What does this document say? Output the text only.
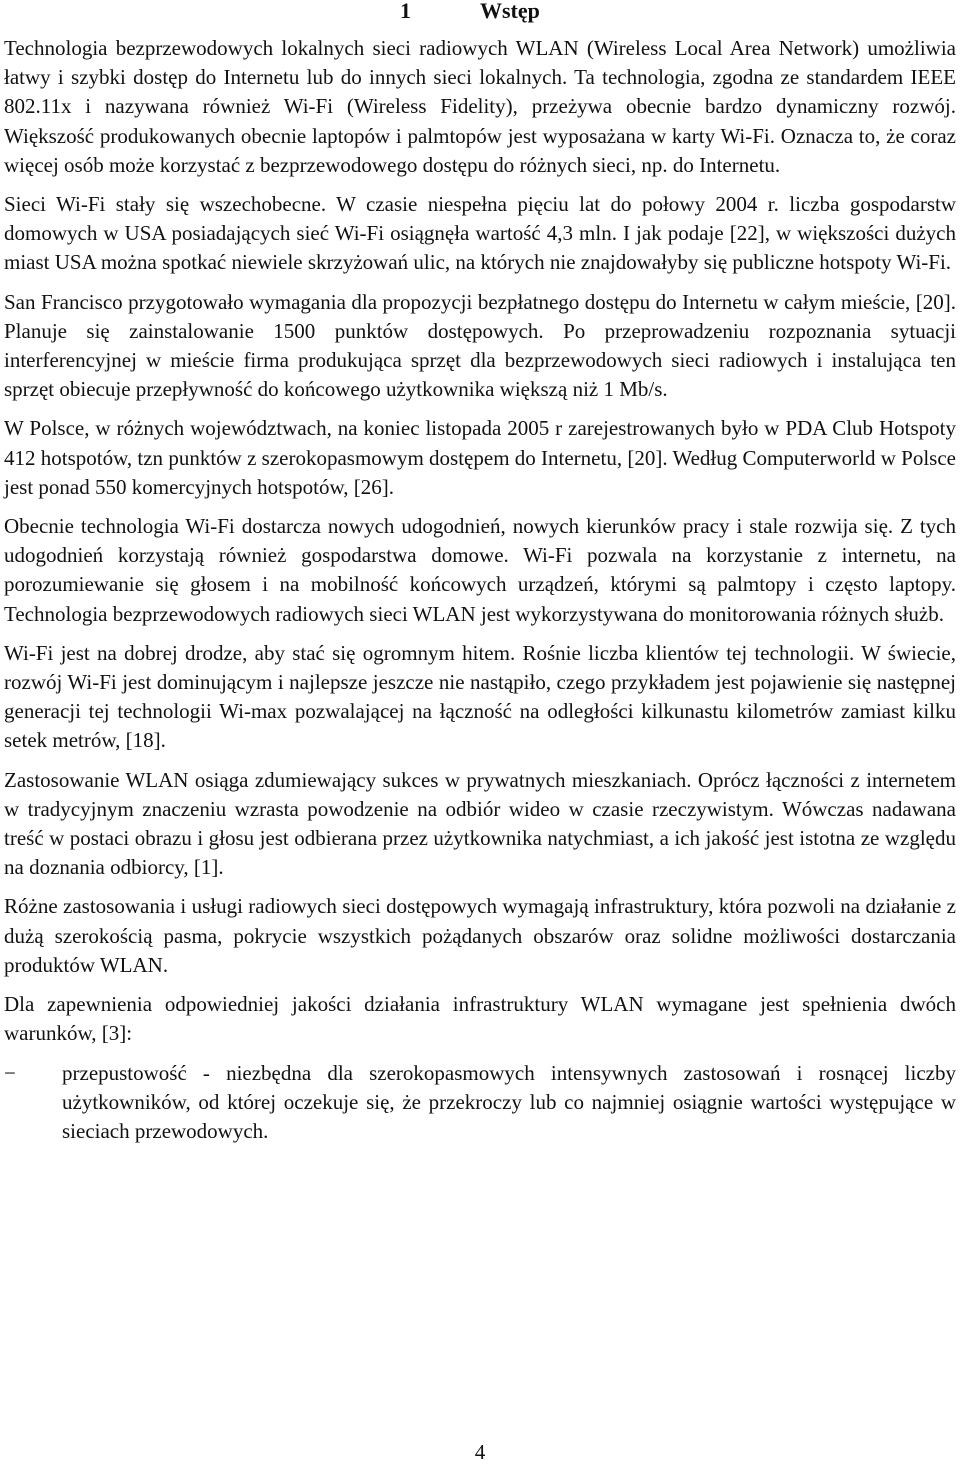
1	Wstęp

Technologia bezprzewodowych lokalnych sieci radiowych WLAN (Wireless Local Area Network) umożliwia łatwy i szybki dostęp do Internetu lub do innych sieci lokalnych. Ta technologia, zgodna ze standardem IEEE 802.11x i nazywana również Wi-Fi (Wireless Fidelity), przeżywa obecnie bardzo dynamiczny rozwój. Większość produkowanych obecnie laptopów i palmtopów jest wyposażana w karty Wi-Fi. Oznacza to, że coraz więcej osób może korzystać z bezprzewodowego dostępu do różnych sieci, np. do Internetu.

Sieci Wi-Fi stały się wszechobecne. W czasie niespełna pięciu lat do połowy 2004 r. liczba gospodarstw domowych w USA posiadających sieć Wi-Fi osiągnęła wartość 4,3 mln. I jak podaje [22], w większości dużych miast USA można spotkać niewiele skrzyżowań ulic, na których nie znajdowałyby się publiczne hotspoty Wi-Fi.

San Francisco przygotowało wymagania dla propozycji bezpłatnego dostępu do Internetu w całym mieście, [20]. Planuje się zainstalowanie 1500 punktów dostępowych. Po przeprowadzeniu rozpoznania sytuacji interferencyjnej w mieście firma produkująca sprzęt dla bezprzewodowych sieci radiowych i instalująca ten sprzęt obiecuje przepływność do końcowego użytkownika większą niż 1 Mb/s.

W Polsce, w różnych województwach, na koniec listopada 2005 r zarejestrowanych było w PDA Club Hotspoty 412 hotspotów, tzn punktów z szerokopasmowym dostępem do Internetu, [20]. Według Computerworld w Polsce jest ponad 550 komercyjnych hotspotów, [26].

Obecnie technologia Wi-Fi dostarcza nowych udogodnień, nowych kierunków pracy i stale rozwija się. Z tych udogodnień korzystają również gospodarstwa domowe. Wi-Fi pozwala na korzystanie z internetu, na porozumiewanie się głosem i na mobilność końcowych urządzeń, którymi są palmtopy i często laptopy. Technologia bezprzewodowych radiowych sieci WLAN jest wykorzystywana do monitorowania różnych służb.

Wi-Fi jest na dobrej drodze, aby stać się ogromnym hitem. Rośnie liczba klientów tej technologii. W świecie, rozwój Wi-Fi jest dominującym i najlepsze jeszcze nie nastąpiło, czego przykładem jest pojawienie się następnej generacji tej technologii Wi-max pozwalającej na łączność na odległości kilkunastu kilometrów zamiast kilku setek metrów, [18].

Zastosowanie WLAN osiąga zdumiewający sukces w prywatnych mieszkaniach. Oprócz łączności z internetem w tradycyjnym znaczeniu wzrasta powodzenie na odbiór wideo w czasie rzeczywistym. Wówczas nadawana treść w postaci obrazu i głosu jest odbierana przez użytkownika natychmiast, a ich jakość jest istotna ze względu na doznania odbiorcy, [1].

Różne zastosowania i usługi radiowych sieci dostępowych wymagają infrastruktury, która pozwoli na działanie z dużą szerokością pasma, pokrycie wszystkich pożądanych obszarów oraz solidne możliwości dostarczania produktów WLAN.

Dla zapewnienia odpowiedniej jakości działania infrastruktury WLAN wymagane jest spełnienia dwóch warunków, [3]:

− przepustowość - niezbędna dla szerokopasmowych intensywnych zastosowań i rosnącej liczby użytkowników, od której oczekuje się, że przekroczy lub co najmniej osiągnie wartości występujące w sieciach przewodowych.
4
